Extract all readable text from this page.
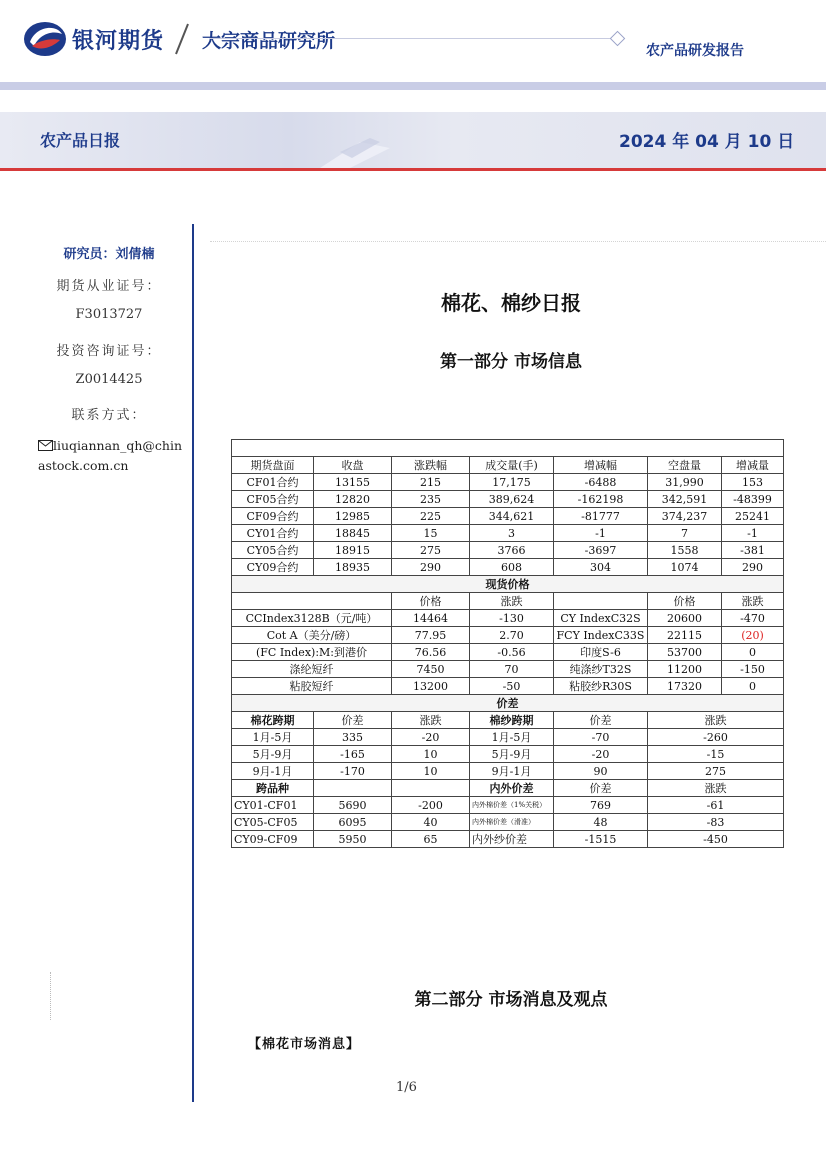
银河期货 大宗商品研究所	农产品研发报告
农产品日报	2024 年 04 月 10 日
研究员：刘倩楠
期货从业证号：
F3013727
投资咨询证号：
Z0014425
联系方式：
liuqiannan_qh@chinastock.com.cn
棉花、棉纱日报
第一部分 市场信息

期货盘面	收盘	涨跌幅	成交量(手)	增减幅	空盘量	增减量
CF01合约	13155	215	17,175	-6488	31,990	153
CF05合约	12820	235	389,624	-162198	342,591	-48399
CF09合约	12985	225	344,621	-81777	374,237	25241
CY01合约	18845	15	3	-1	7	-1
CY05合约	18915	275	3766	-3697	1558	-381
CY09合约	18935	290	608	304	1074	290
现货价格						
		价格	涨跌		价格	涨跌
CCIndex3128B（元/吨）		14464	-130	CY IndexC32S	20600	-470
Cot A（美分/磅）		77.95	2.70	FCY IndexC33S	22115	(20)
(FC Index):M:到港价		76.56	-0.56	印度S-6	53700	0
涤纶短纤		7450	70	纯涤纱T32S	11200	-150
粘胶短纤		13200	-50	粘胶纱R30S	17320	0
价差						
棉花跨期	价差	涨跌	棉纱跨期	价差	涨跌	
1月-5月	335	-20	1月-5月	-70	-260	
5月-9月	-165	10	5月-9月	-20	-15	
9月-1月	-170	10	9月-1月	90	275	
跨品种			内外价差	价差	涨跌	
CY01-CF01	5690	-200	内外棉价差（1%关税）	769	-61	
CY05-CF05	6095	40	内外棉价差（滑准）	48	-83	
CY09-CF09	5950	65	内外纱价差	-1515	-450	
第二部分 市场消息及观点
【棉花市场消息】
1/6
